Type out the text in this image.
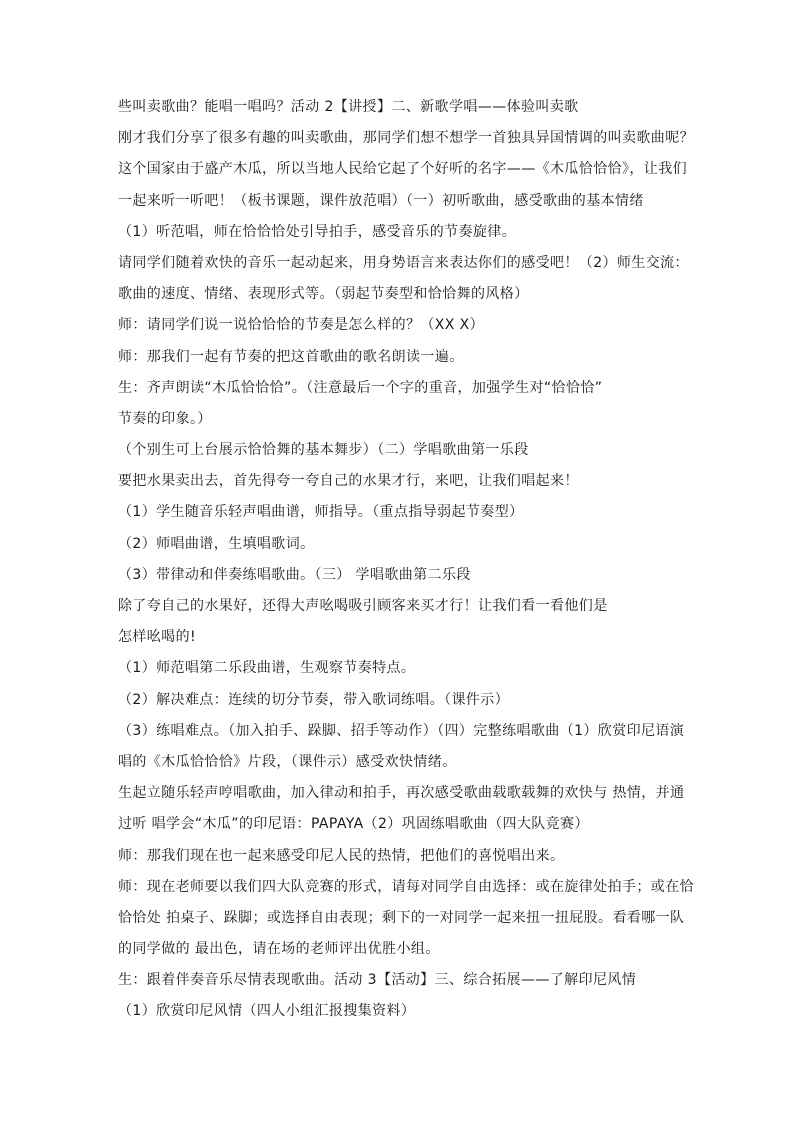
些叫卖歌曲？能唱一唱吗？活动 2【讲授】二、新歌学唱——体验叫卖歌

刚才我们分享了很多有趣的叫卖歌曲，那同学们想不想学一首独具异国情调的叫卖歌曲呢？

这个国家由于盛产木瓜，所以当地人民给它起了个好听的名字——《木瓜恰恰恰》，让我们

一起来听一听吧！（板书课题，课件放范唱）（一）初听歌曲，感受歌曲的基本情绪

（1）听范唱，师在恰恰恰处引导拍手，感受音乐的节奏旋律。

请同学们随着欢快的音乐一起动起来，用身势语言来表达你们的感受吧！（2）师生交流：

歌曲的速度、情绪、表现形式等。（弱起节奏型和恰恰舞的风格）

师：请同学们说一说恰恰恰的节奏是怎么样的？（XX X）

师：那我们一起有节奏的把这首歌曲的歌名朗读一遍。

生：齐声朗读“木瓜恰恰恰”。（注意最后一个字的重音，加强学生对“恰恰恰”

节奏的印象。）

（个别生可上台展示恰恰舞的基本舞步）（二）学唱歌曲第一乐段

要把水果卖出去，首先得夸一夸自己的水果才行，来吧，让我们唱起来！

（1）学生随音乐轻声唱曲谱，师指导。（重点指导弱起节奏型）

（2）师唱曲谱，生填唱歌词。

（3）带律动和伴奏练唱歌曲。（三） 学唱歌曲第二乐段

除了夸自己的水果好，还得大声吆喝吸引顾客来买才行！让我们看一看他们是

怎样吆喝的!

（1）师范唱第二乐段曲谱，生观察节奏特点。

（2）解决难点：连续的切分节奏，带入歌词练唱。（课件示）

（3）练唱难点。（加入拍手、跺脚、招手等动作）（四）完整练唱歌曲（1）欣赏印尼语演

唱的《木瓜恰恰恰》片段，（课件示）感受欢快情绪。

生起立随乐轻声哼唱歌曲，加入律动和拍手，再次感受歌曲载歌载舞的欢快与 热情，并通

过听 唱学会“木瓜”的印尼语：PAPAYA（2）巩固练唱歌曲（四大队竞赛）

师：那我们现在也一起来感受印尼人民的热情，把他们的喜悦唱出来。

师：现在老师要以我们四大队竞赛的形式，请每对同学自由选择：或在旋律处拍手；或在恰

恰恰处 拍桌子、跺脚；或选择自由表现；剩下的一对同学一起来扭一扭屁股。看看哪一队

的同学做的 最出色，请在场的老师评出优胜小组。

生：跟着伴奏音乐尽情表现歌曲。活动 3【活动】三、综合拓展——了解印尼风情

（1）欣赏印尼风情（四人小组汇报搜集资料）
